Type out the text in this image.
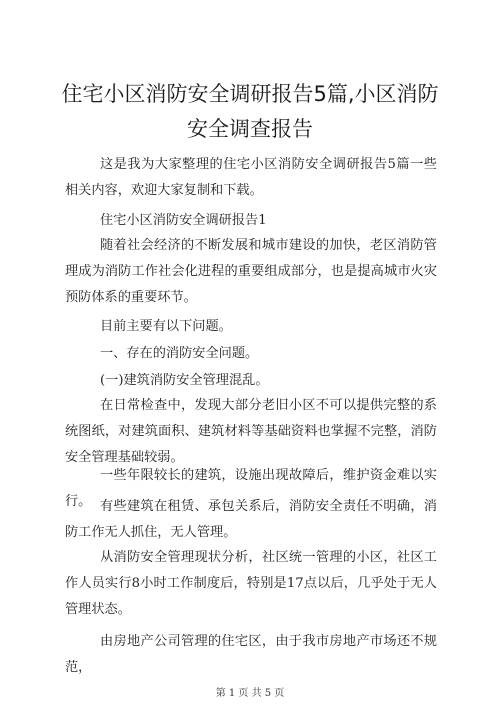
住宅小区消防安全调研报告5篇,小区消防
安全调查报告

这是我为大家整理的住宅小区消防安全调研报告5篇一些相关内容，欢迎大家复制和下载。

住宅小区消防安全调研报告1

随着社会经济的不断发展和城市建设的加快，老区消防管理成为消防工作社会化进程的重要组成部分，也是提高城市火灾预防体系的重要环节。

目前主要有以下问题。

一、存在的消防安全问题。

(一)建筑消防安全管理混乱。

在日常检查中，发现大部分老旧小区不可以提供完整的系统图纸，对建筑面积、建筑材料等基础资料也掌握不完整，消防安全管理基础较弱。

一些年限较长的建筑，设施出现故障后，维护资金难以实行。 有些建筑在租赁、承包关系后，消防安全责任不明确，消防工作无人抓住，无人管理。

从消防安全管理现状分析，社区统一管理的小区，社区工作人员实行8小时工作制度后，特别是17点以后，几乎处于无人管理状态。

由房地产公司管理的住宅区，由于我市房地产市场还不规范，

第 1 页 共 5 页
